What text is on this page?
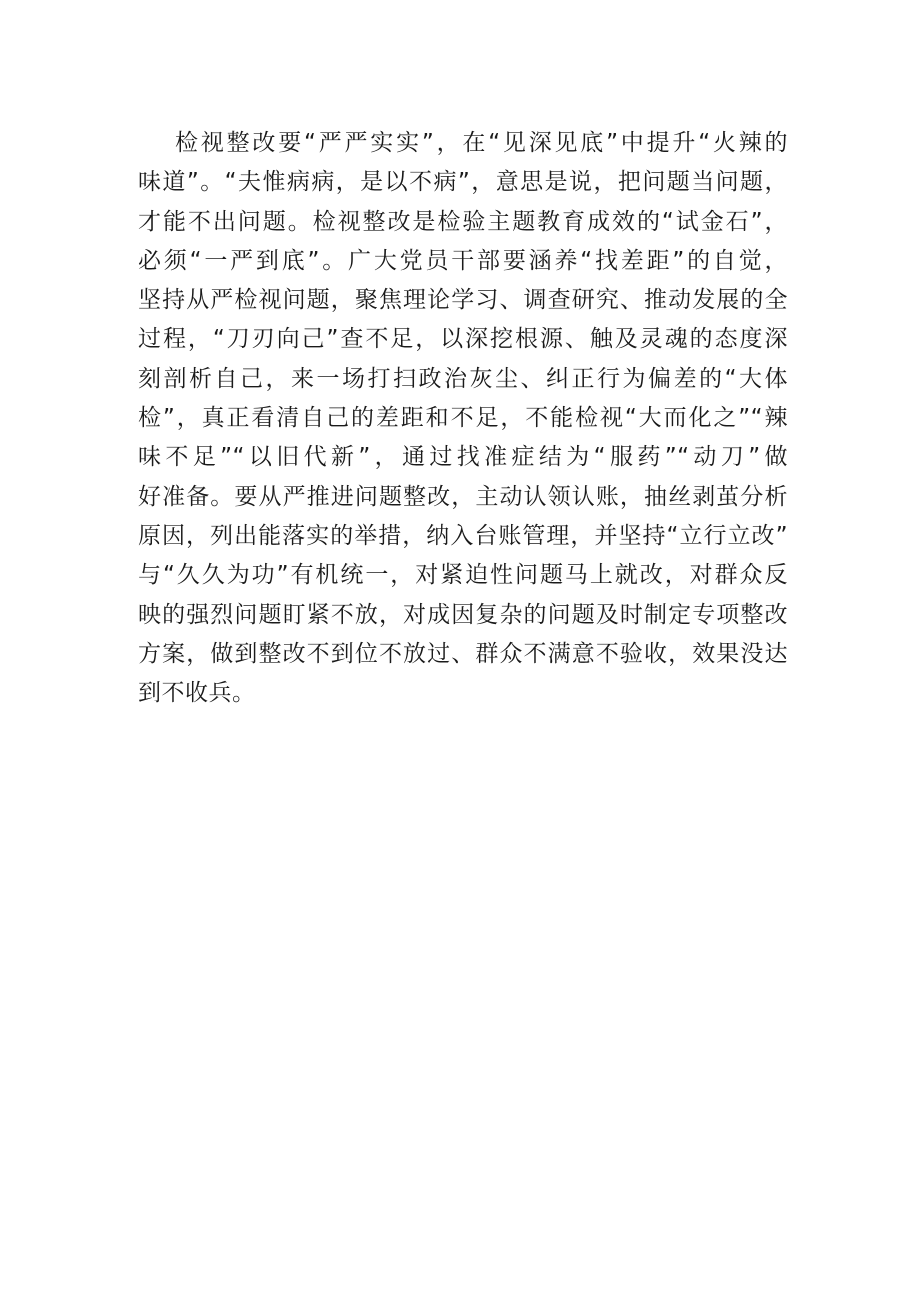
检视整改要“严严实实”，在“见深见底”中提升“火辣的
味道”。“夫惟病病，是以不病”，意思是说，把问题当问题，
才能不出问题。检视整改是检验主题教育成效的“试金石”，
必须“一严到底”。广大党员干部要涵养“找差距”的自觉，
坚持从严检视问题，聚焦理论学习、调查研究、推动发展的全
过程，“刀刃向己”查不足，以深挖根源、触及灵魂的态度深
刻剖析自己，来一场打扫政治灰尘、纠正行为偏差的“大体
检”，真正看清自己的差距和不足，不能检视“大而化之”“辣
味不足”“以旧代新”，通过找准症结为“服药”“动刀”做
好准备。要从严推进问题整改，主动认领认账，抽丝剥茧分析
原因，列出能落实的举措，纳入台账管理，并坚持“立行立改”
与“久久为功”有机统一，对紧迫性问题马上就改，对群众反
映的强烈问题盯紧不放，对成因复杂的问题及时制定专项整改
方案，做到整改不到位不放过、群众不满意不验收，效果没达
到不收兵。
